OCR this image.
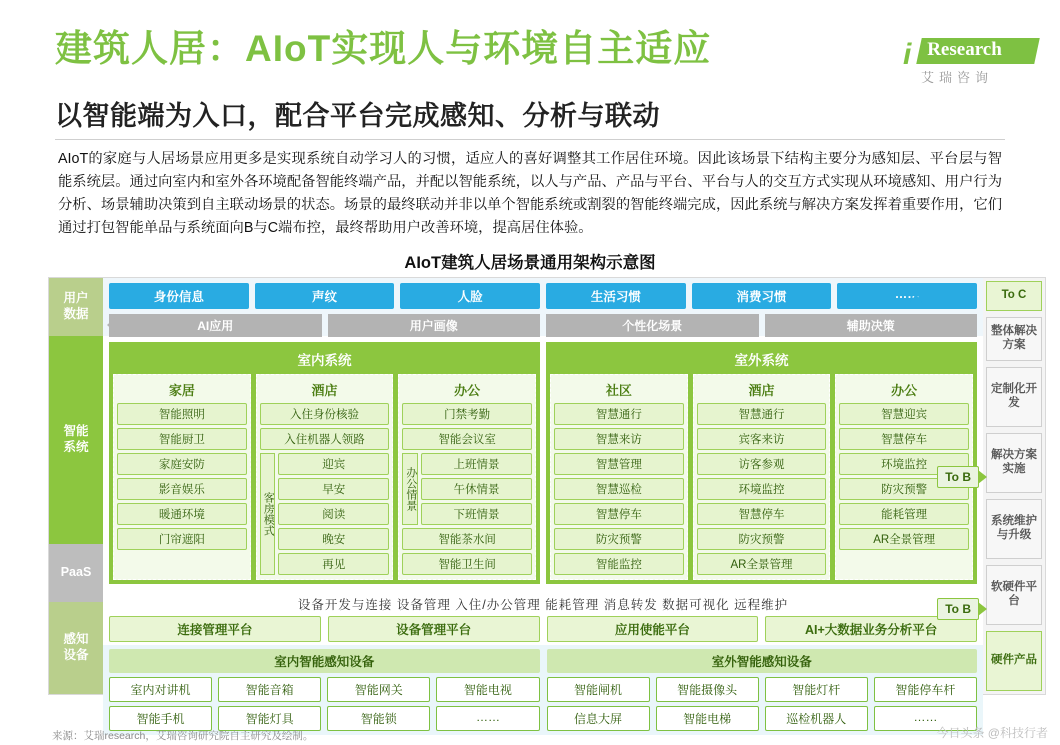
建筑人居：AIoT实现人与环境自主适应	Research
i
艾瑞咨询
以智能端为入口，配合平台完成感知、分析与联动
AIoT的家庭与人居场景应用更多是实现系统自动学习人的习惯，适应人的喜好调整其工作居住环境。因此该场景下结构主要分为感知层、平台层与智能系统层。通过向室内和室外各环境配备智能终端产品，并配以智能系统，以人与产品、产品与平台、平台与人的交互方式实现从环境感知、用户行为分析、场景辅助决策到自主联动场景的状态。场景的最终联动并非以单个智能系统或割裂的智能终端完成，因此系统与解决方案发挥着重要作用，它们通过打包智能单品与系统面向B与C端布控，最终帮助用户改善环境，提高居住体验。
AIoT建筑人居场景通用架构示意图
用户
数据
智能
系统
PaaS
感知
设备
身份信息	声纹	人脸	生活习惯	消费习惯	……
AI应用	用户画像	个性化场景	辅助决策
室内系统
家居
智能照明
智能厨卫
家庭安防
影音娱乐
暖通环境
门帘遮阳
酒店
入住身份核验
入住机器人领路
客房模式
迎宾
早安
阅读
晚安
再见
办公
门禁考勤
智能会议室
办公情景
上班情景
午休情景
下班情景
智能茶水间
智能卫生间
室外系统
社区
智慧通行
智慧来访
智慧管理
智慧巡检
智慧停车
防灾预警
智能监控
酒店
智慧通行
宾客来访
访客参观
环境监控
智慧停车
防灾预警
AR全景管理
办公
智慧迎宾
智慧停车
环境监控
防灾预警
能耗管理
AR全景管理
设备开发与连接 设备管理 入住/办公管理 能耗管理 消息转发 数据可视化 远程维护
连接管理平台	设备管理平台	应用使能平台	AI+大数据业务分析平台
室内智能感知设备	室外智能感知设备
室内对讲机	智能音箱	智能网关	智能电视
智能手机	智能灯具	智能锁	……
智能闸机	智能摄像头	智能灯杆	智能停车杆
信息大屏	智能电梯	巡检机器人	……
To C
整体解决方案
定制化开发
解决方案实施
系统维护与升级
软硬件平台
硬件产品
To B
To B
来源：艾瑞research，艾瑞咨询研究院自主研究及绘制。	今日头条 @科技行者
